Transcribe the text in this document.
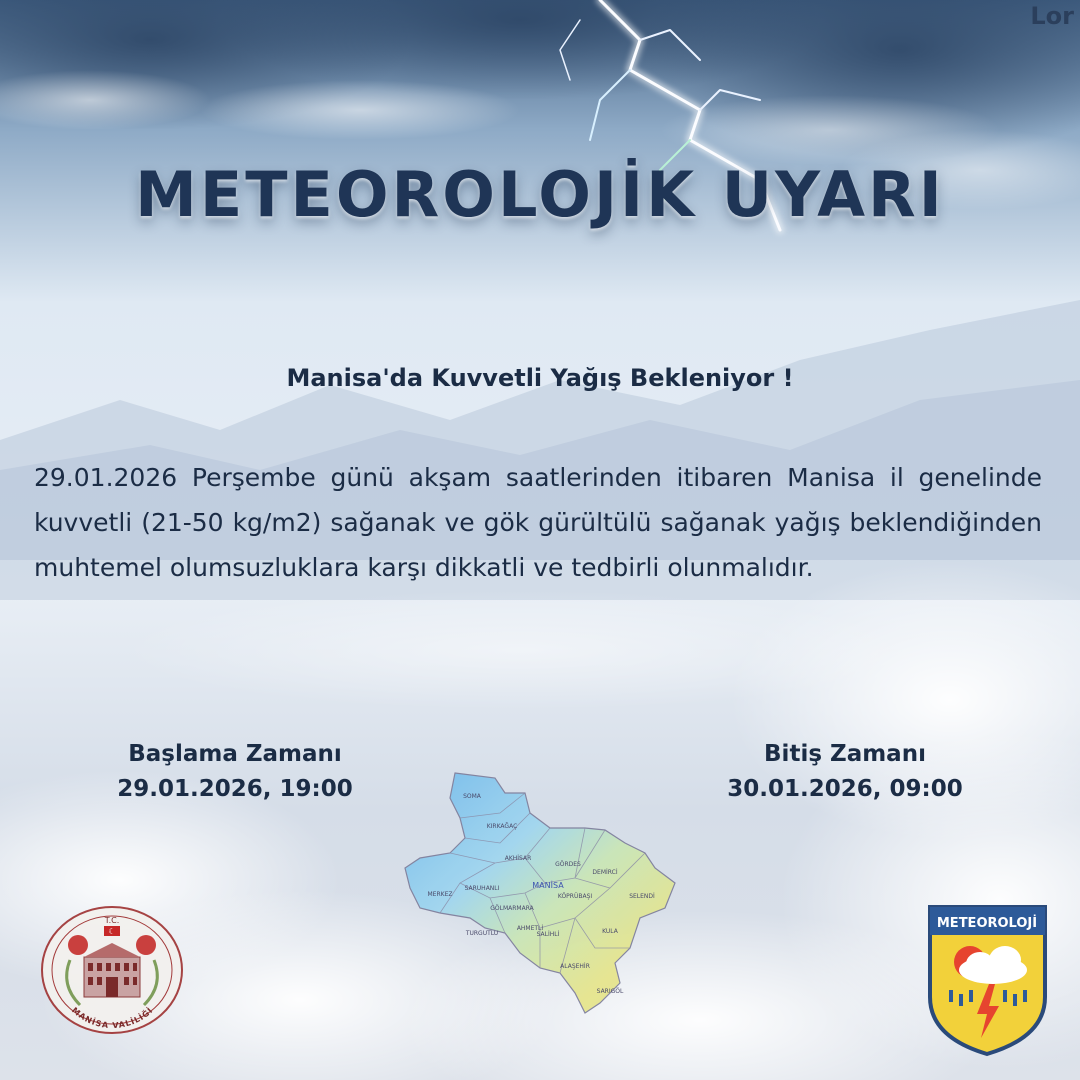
Lor
METEOROLOJİK UYARI
Manisa'da Kuvvetli Yağış Bekleniyor !
29.01.2026 Perşembe günü akşam saatlerinden itibaren Manisa il genelinde kuvvetli (21-50 kg/m2) sağanak ve gök gürültülü sağanak yağış beklendiğinden muhtemel olumsuzluklara karşı dikkatli ve tedbirli olunmalıdır.
Başlama Zamanı
29.01.2026, 19:00
Bitiş Zamanı
30.01.2026, 09:00
SOMA
KIRKAĞAÇ
AKHİSAR
GÖRDES
DEMİRCİ
MERKEZ
SARUHANLI	MANİSA
KÖPRÜBAŞI	SELENDİ
GÖLMARMARA
TURGUTLU
AHMETLİ
SALİHLİ	KULA
ALAŞEHİR
SARIGÖL
T.C.
☾
MANİSA VALİLİĞİ
METEOROLOJİ
